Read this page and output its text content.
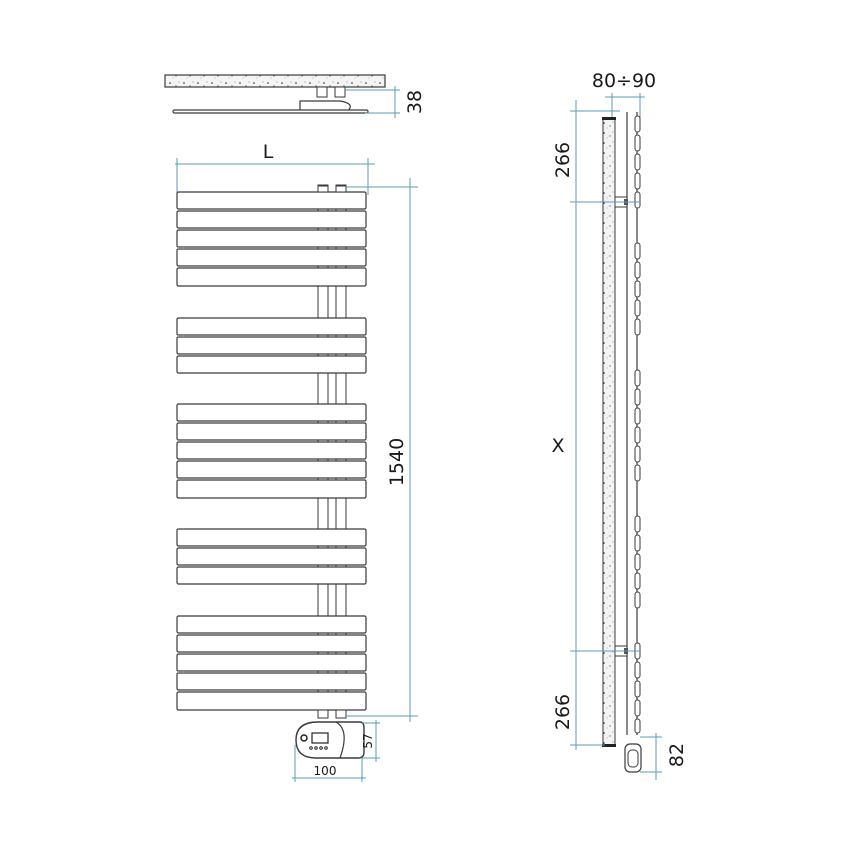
38
L
1540
57
100
80÷90
266
X
266
82
